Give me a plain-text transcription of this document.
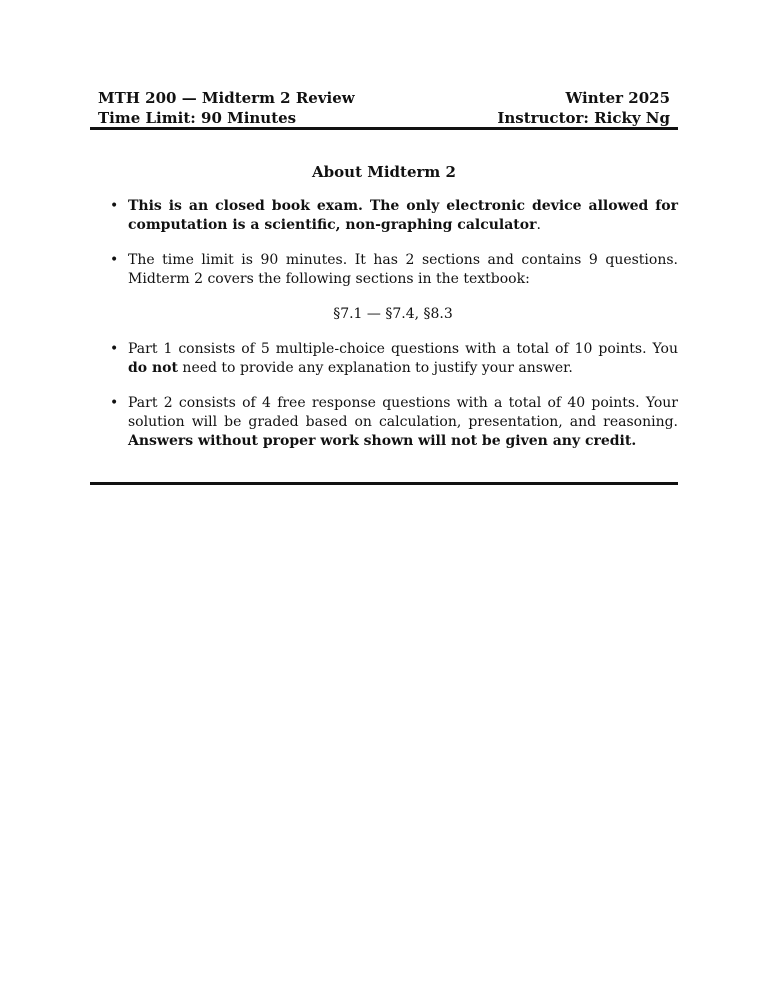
MTH 200 — Midterm 2 Review	Winter 2025
Time Limit: 90 Minutes	Instructor: Ricky Ng
About Midterm 2
• This is an closed book exam. The only electronic device allowed for computation is a scientific, non-graphing calculator.
• The time limit is 90 minutes. It has 2 sections and contains 9 questions. Midterm 2 covers the following sections in the textbook:
§7.1 — §7.4, §8.3
• Part 1 consists of 5 multiple-choice questions with a total of 10 points. You do not need to provide any explanation to justify your answer.
• Part 2 consists of 4 free response questions with a total of 40 points. Your solution will be graded based on calculation, presentation, and reasoning. Answers without proper work shown will not be given any credit.
